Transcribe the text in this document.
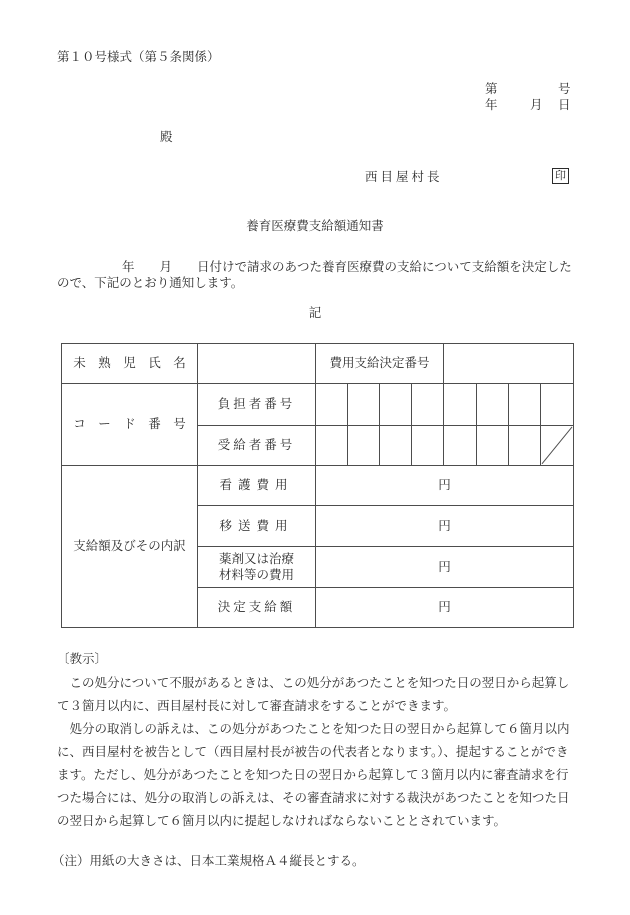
第１０号様式（第５条関係）
第	号
年	月 日
殿
西目屋村長	印
養育医療費支給額通知書
年　　月　　日付けで請求のあつた養育医療費の支給について支給額を決定した
ので、下記のとおり通知します。
記
未　熟　児　氏　名		費用支給決定番号							
コ　ー　ド　番　号	負担者番号								
	受給者番号								

支給額及びその内訳	看護費用	円							
	移送費用	円							

	薬剤又は治療
材料等の費用	円							
	決定支給額	円							
〔教示〕
　この処分について不服があるときは、この処分があつたことを知つた日の翌日から起算し
て３箇月以内に、西目屋村長に対して審査請求をすることができます。
　処分の取消しの訴えは、この処分があつたことを知つた日の翌日から起算して６箇月以内
に、西目屋村を被告として（西目屋村長が被告の代表者となります。）、提起することができ
ます。ただし、処分があつたことを知つた日の翌日から起算して３箇月以内に審査請求を行
つた場合には、処分の取消しの訴えは、その審査請求に対する裁決があつたことを知つた日
の翌日から起算して６箇月以内に提起しなければならないこととされています。
（注）用紙の大きさは、日本工業規格Ａ４縦長とする。
